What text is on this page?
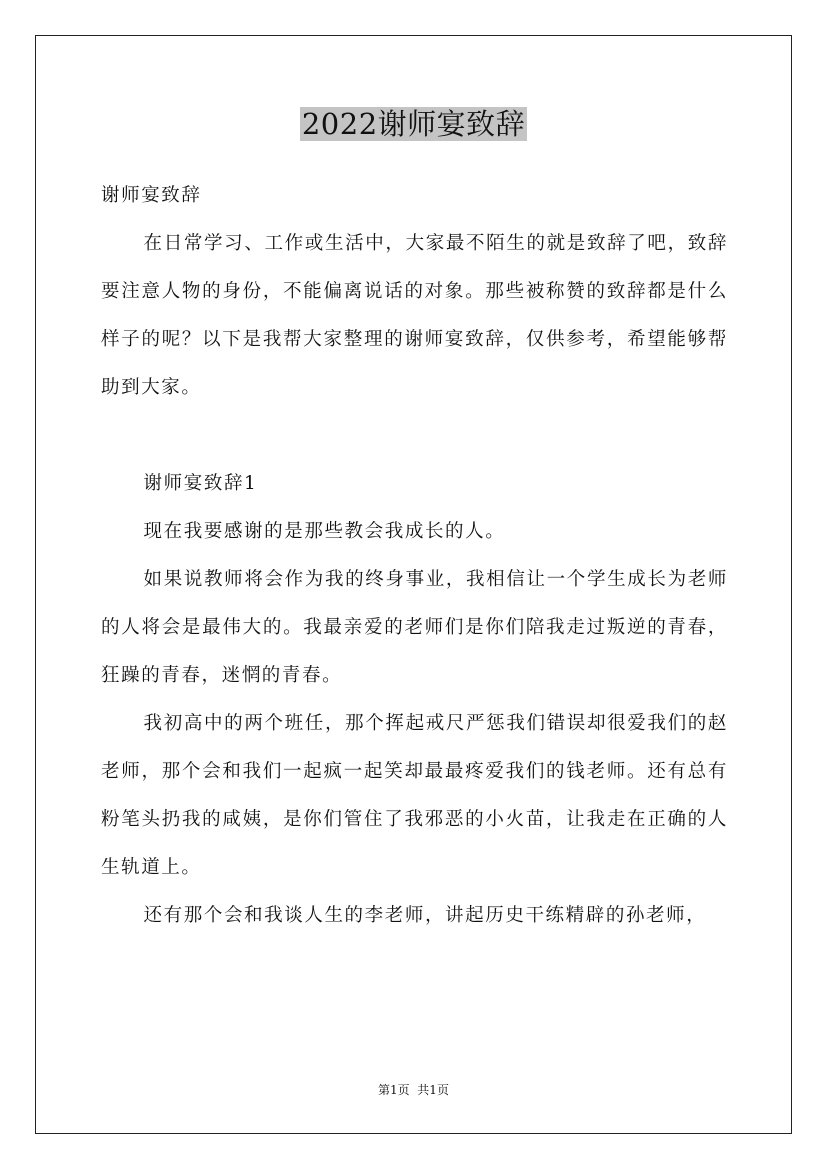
2022谢师宴致辞

谢师宴致辞

在日常学习、工作或生活中，大家最不陌生的就是致辞了吧，致辞要注意人物的身份，不能偏离说话的对象。那些被称赞的致辞都是什么样子的呢？以下是我帮大家整理的谢师宴致辞，仅供参考，希望能够帮助到大家。

谢师宴致辞1

现在我要感谢的是那些教会我成长的人。

如果说教师将会作为我的终身事业，我相信让一个学生成长为老师的人将会是最伟大的。我最亲爱的老师们是你们陪我走过叛逆的青春，狂躁的青春，迷惘的青春。

我初高中的两个班任，那个挥起戒尺严惩我们错误却很爱我们的赵老师，那个会和我们一起疯一起笑却最最疼爱我们的钱老师。还有总有粉笔头扔我的咸姨，是你们管住了我邪恶的小火苗，让我走在正确的人生轨道上。

还有那个会和我谈人生的李老师，讲起历史干练精辟的孙老师，

第1页  共1页
